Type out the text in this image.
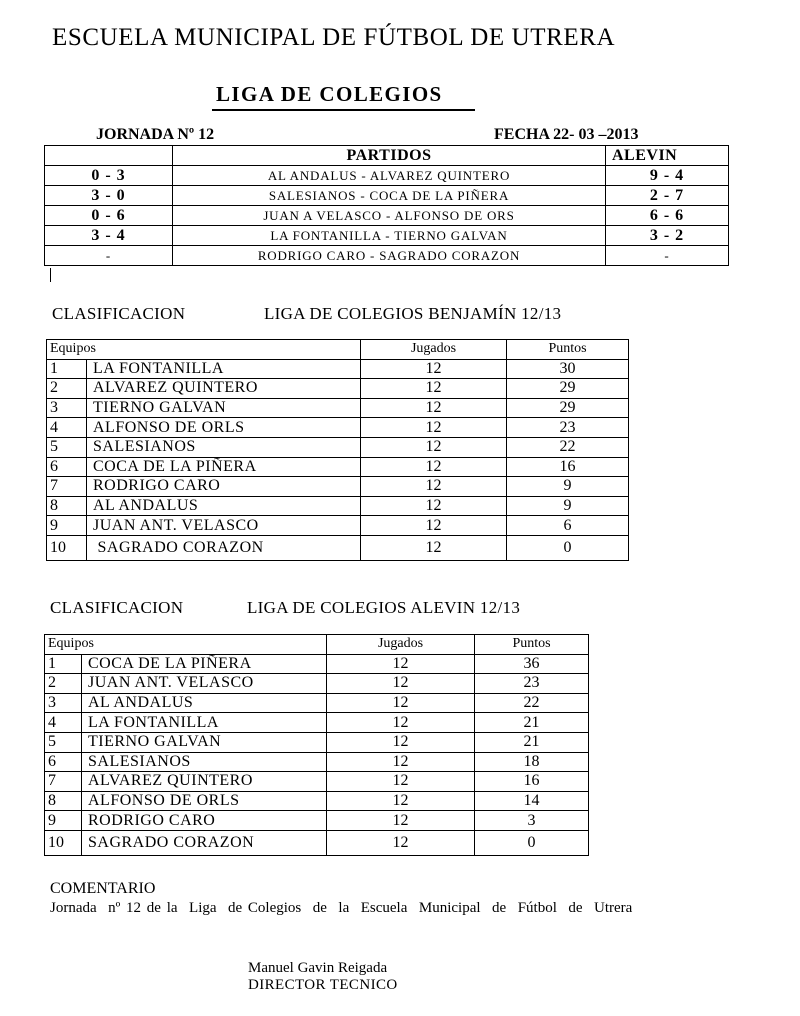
ESCUELA MUNICIPAL DE FÚTBOL DE UTRERA
LIGA DE COLEGIOS
JORNADA Nº 12	FECHA 22- 03 –2013
	PARTIDOS	ALEVIN
0 - 3	AL ANDALUS - ALVAREZ QUINTERO	9 - 4
3 - 0	SALESIANOS - COCA DE LA PIÑERA	2 - 7
0 - 6	JUAN A VELASCO - ALFONSO DE ORS	6 - 6
3 - 4	LA FONTANILLA - TIERNO GALVAN	3 - 2
-	RODRIGO CARO - SAGRADO CORAZON	-
CLASIFICACION	LIGA DE COLEGIOS BENJAMÍN 12/13
Equipos		Jugados	Puntos
1	LA FONTANILLA	12	30
2	ALVAREZ QUINTERO	12	29
3	TIERNO GALVAN	12	29
4	ALFONSO DE ORLS	12	23
5	SALESIANOS	12	22
6	COCA DE LA PIÑERA	12	16
7	RODRIGO CARO	12	9
8	AL ANDALUS	12	9
9	JUAN ANT. VELASCO	12	6
10	SAGRADO CORAZON	12	0
CLASIFICACION	LIGA DE COLEGIOS ALEVIN 12/13
Equipos		Jugados	Puntos
1	COCA DE LA PIÑERA	12	36
2	JUAN ANT. VELASCO	12	23
3	AL ANDALUS	12	22
4	LA FONTANILLA	12	21
5	TIERNO GALVAN	12	21
6	SALESIANOS	12	18
7	ALVAREZ QUINTERO	12	16
8	ALFONSO DE ORLS	12	14
9	RODRIGO CARO	12	3
10	SAGRADO CORAZON	12	0
COMENTARIO
Jornada  nº 12 de la  Liga  de Colegios  de  la  Escuela  Municipal  de  Fútbol  de  Utrera
Manuel Gavin Reigada
DIRECTOR TECNICO
